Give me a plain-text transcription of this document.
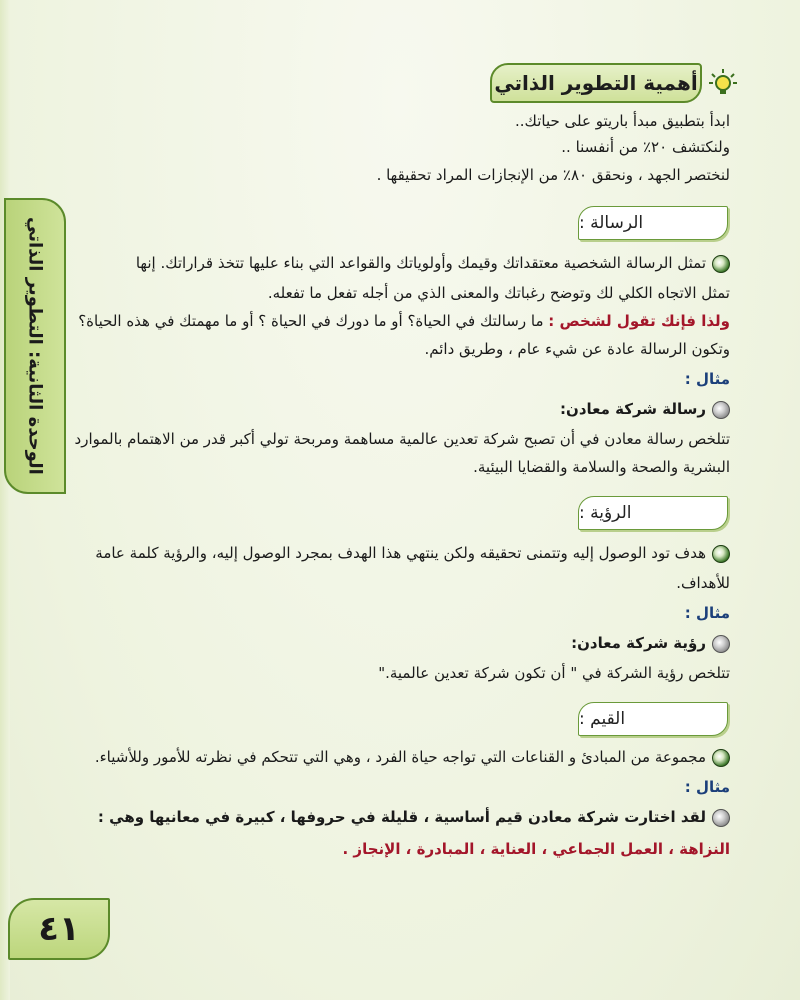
أهمية التطوير الذاتي
ابدأ بتطبيق مبدأ باريتو على حياتك..
ولنكتشف ٢٠٪ من أنفسنا ..
لنختصر الجهد ، ونحقق ٨٠٪ من الإنجازات المراد تحقيقها .
الرسالة :
تمثل الرسالة الشخصية معتقداتك وقيمك وأولوياتك والقواعد التي بناء عليها تتخذ قراراتك. إنها
تمثل الاتجاه الكلي لك وتوضح رغباتك والمعنى الذي من أجله تفعل ما تفعله.
ولذا فإنك تقول لشخص : ما رسالتك في الحياة؟ أو ما دورك في الحياة ؟ أو ما مهمتك في هذه الحياة؟
وتكون الرسالة عادة عن شيء عام ، وطريق دائم.
مثال :
رسالة شركة معادن:
تتلخص رسالة معادن في أن تصبح شركة تعدين عالمية مساهمة ومربحة تولي أكبر قدر من الاهتمام بالموارد
البشرية والصحة والسلامة والقضايا البيئية.
الرؤية :
هدف تود الوصول إليه وتتمنى تحقيقه ولكن ينتهي هذا الهدف بمجرد الوصول إليه، والرؤية كلمة عامة
للأهداف.
مثال :
رؤية شركة معادن:
تتلخص رؤية الشركة في " أن تكون شركة تعدين عالمية."
القيم :
مجموعة من المبادئ و القناعات التي تواجه حياة الفرد ، وهي التي تتحكم في نظرته للأمور وللأشياء.
مثال :
لقد اختارت شركة معادن قيم أساسية ، قليلة في حروفها ، كبيرة في معانيها وهي :
النزاهة ، العمل الجماعي ، العناية ، المبادرة ، الإنجاز .
الوحدة الثانية: التطوير الذاتي
٤١
